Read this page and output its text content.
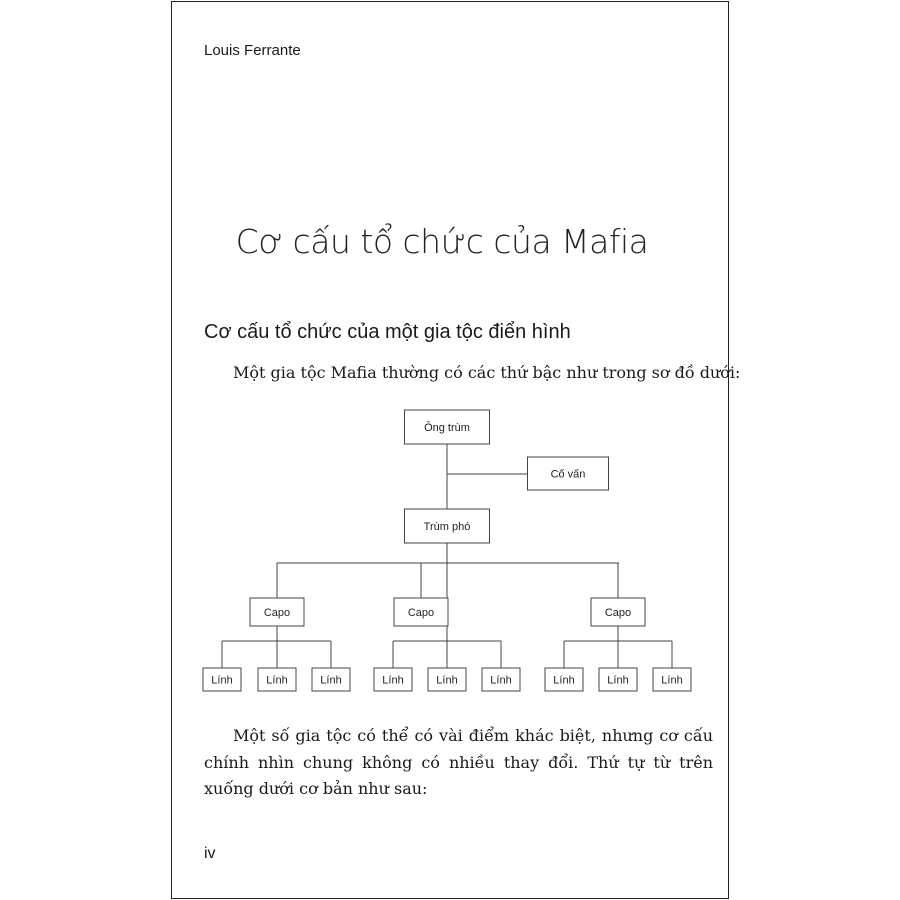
Louis Ferrante
Cơ cấu tổ chức của Mafia
Cơ cấu tổ chức của một gia tộc điển hình
Một gia tộc Mafia thường có các thứ bậc như trong sơ đồ dưới:
Một số gia tộc có thể có vài điểm khác biệt, nhưng cơ cấu chính nhìn chung không có nhiều thay đổi. Thứ tự từ trên xuống dưới cơ bản như sau:
iv
Ông trùm
Cố vấn
Trùm phó
Capo
Lính	Lính	Lính
Capo
Lính	Lính	Lính
Capo
Lính	Lính	Lính
